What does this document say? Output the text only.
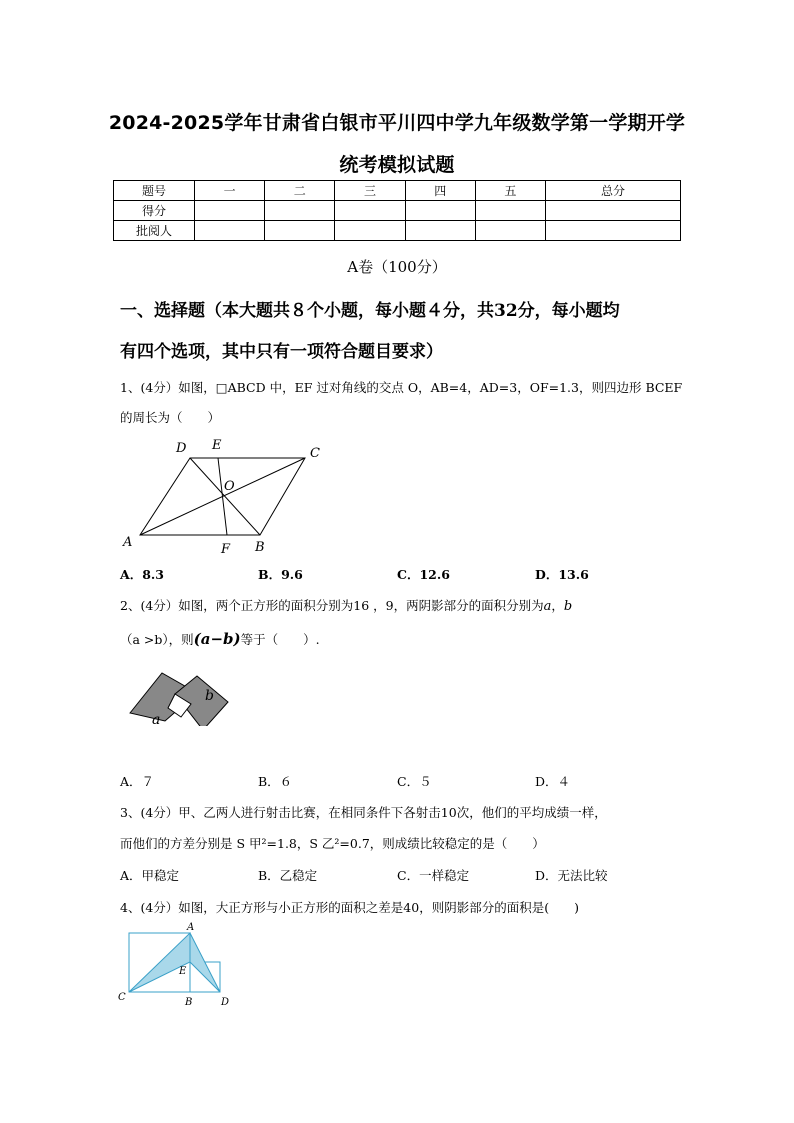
2024-2025学年甘肃省白银市平川四中学九年级数学第一学期开学
统考模拟试题
题号	一	二	三	四	五	总分
得分						
批阅人						
A卷（100分）
一、选择题（本大题共８个小题，每小题４分，共32分，每小题均
有四个选项，其中只有一项符合题目要求）
1、(4分）如图，□ABCD 中，EF 过对角线的交点 O，AB=4，AD=3，OF=1.3，则四边形 BCEF
的周长为（　　）
A	B
C
D E
F
O
A．8.3	B．9.6	C．12.6	D．13.6
2、(4分）如图，两个正方形的面积分别为16 ，9，两阴影部分的面积分别为a，b
（a >b），则(a−b)等于（　　）.
a
b
A．７	B．６	C．５	D．４
3、(4分）甲、乙两人进行射击比赛，在相同条件下各射击10次，他们的平均成绩一样，
而他们的方差分别是 S 甲²=1.8，S 乙²=0.7，则成绩比较稳定的是（　　）
A．甲稳定	B．乙稳定	C．一样稳定	D．无法比较
4、(4分）如图，大正方形与小正方形的面积之差是40，则阴影部分的面积是(　　)
A
B
C	D
E
